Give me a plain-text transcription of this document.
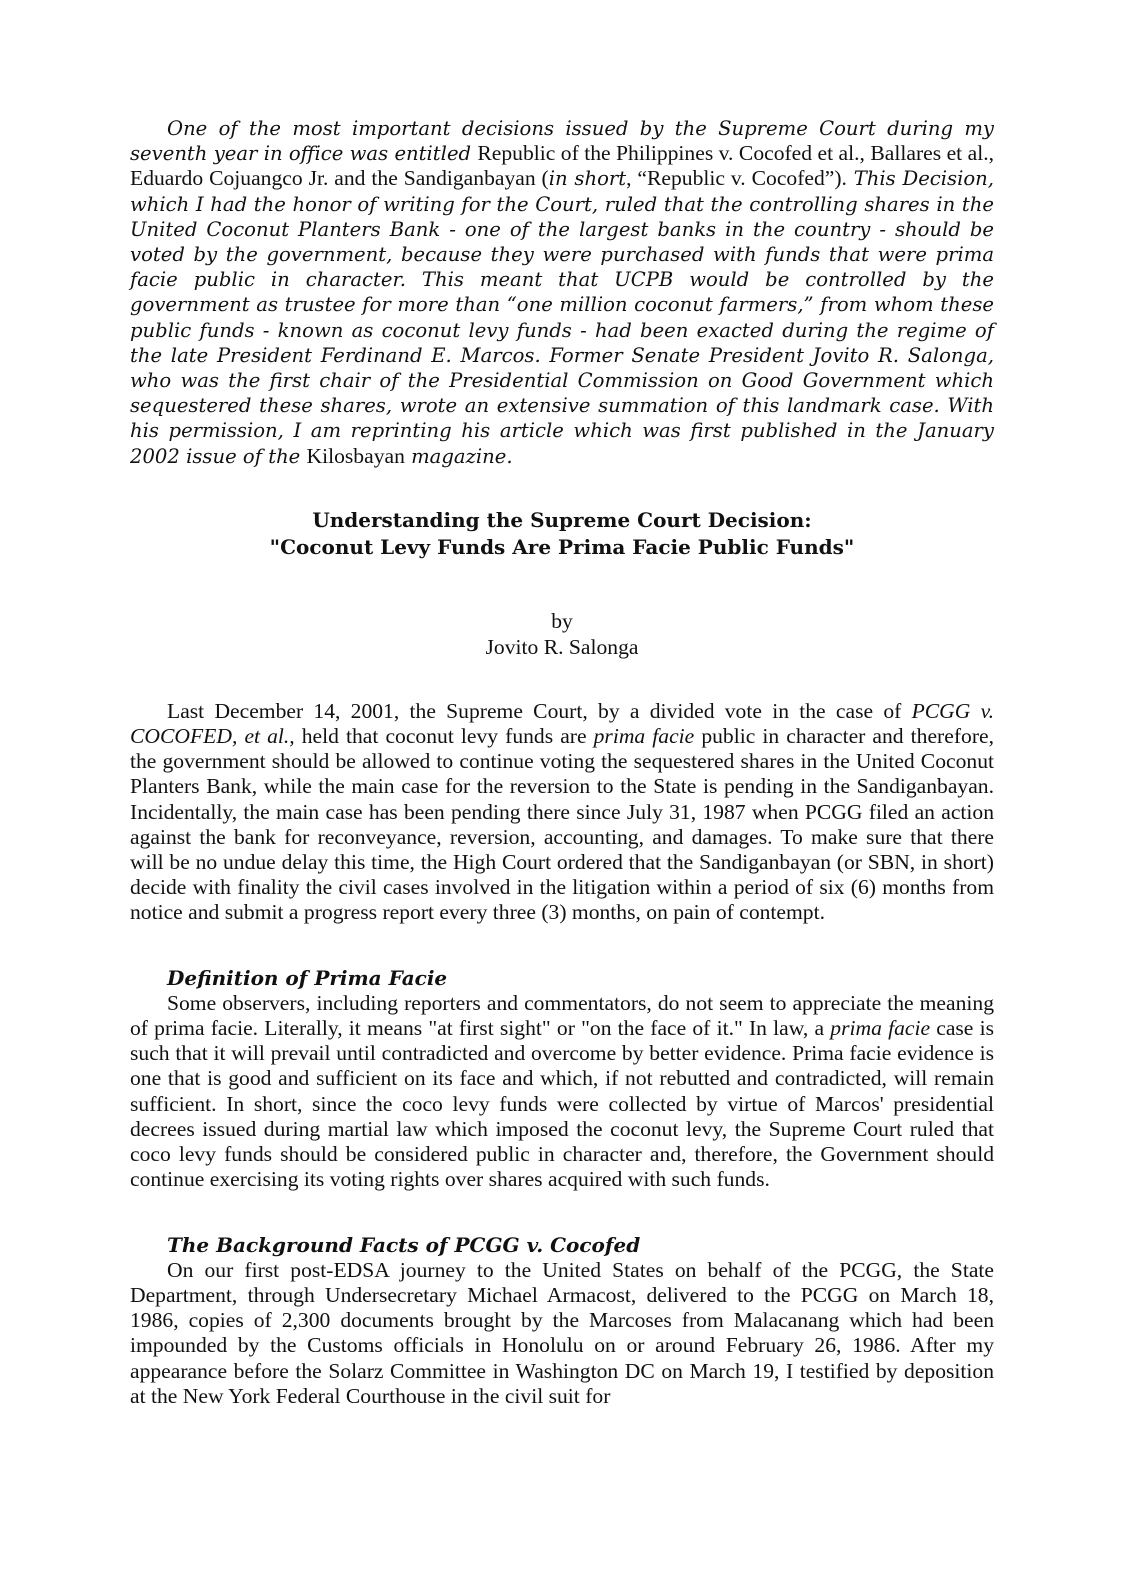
One of the most important decisions issued by the Supreme Court during my seventh year in office was entitled Republic of the Philippines v. Cocofed et al., Ballares et al., Eduardo Cojuangco Jr. and the Sandiganbayan (in short, “Republic v. Cocofed”). This Decision, which I had the honor of writing for the Court, ruled that the controlling shares in the United Coconut Planters Bank - one of the largest banks in the country - should be voted by the government, because they were purchased with funds that were prima facie public in character. This meant that UCPB would be controlled by the government as trustee for more than “one million coconut farmers,” from whom these public funds - known as coconut levy funds - had been exacted during the regime of the late President Ferdinand E. Marcos. Former Senate President Jovito R. Salonga, who was the first chair of the Presidential Commission on Good Government which sequestered these shares, wrote an extensive summation of this landmark case. With his permission, I am reprinting his article which was first published in the January 2002 issue of the Kilosbayan magazine.

Understanding the Supreme Court Decision:
"Coconut Levy Funds Are Prima Facie Public Funds"
by
Jovito R. Salonga

Last December 14, 2001, the Supreme Court, by a divided vote in the case of PCGG v. COCOFED, et al., held that coconut levy funds are prima facie public in character and therefore, the government should be allowed to continue voting the sequestered shares in the United Coconut Planters Bank, while the main case for the reversion to the State is pending in the Sandiganbayan. Incidentally, the main case has been pending there since July 31, 1987 when PCGG filed an action against the bank for reconveyance, reversion, accounting, and damages. To make sure that there will be no undue delay this time, the High Court ordered that the Sandiganbayan (or SBN, in short) decide with finality the civil cases involved in the litigation within a period of six (6) months from notice and submit a progress report every three (3) months, on pain of contempt.

Definition of Prima Facie

Some observers, including reporters and commentators, do not seem to appreciate the meaning of prima facie. Literally, it means "at first sight" or "on the face of it." In law, a prima facie case is such that it will prevail until contradicted and overcome by better evidence. Prima facie evidence is one that is good and sufficient on its face and which, if not rebutted and contradicted, will remain sufficient. In short, since the coco levy funds were collected by virtue of Marcos' presidential decrees issued during martial law which imposed the coconut levy, the Supreme Court ruled that coco levy funds should be considered public in character and, therefore, the Government should continue exercising its voting rights over shares acquired with such funds.

The Background Facts of PCGG v. Cocofed

On our first post-EDSA journey to the United States on behalf of the PCGG, the State Department, through Undersecretary Michael Armacost, delivered to the PCGG on March 18, 1986, copies of 2,300 documents brought by the Marcoses from Malacanang which had been impounded by the Customs officials in Honolulu on or around February 26, 1986. After my appearance before the Solarz Committee in Washington DC on March 19, I testified by deposition at the New York Federal Courthouse in the civil suit for
